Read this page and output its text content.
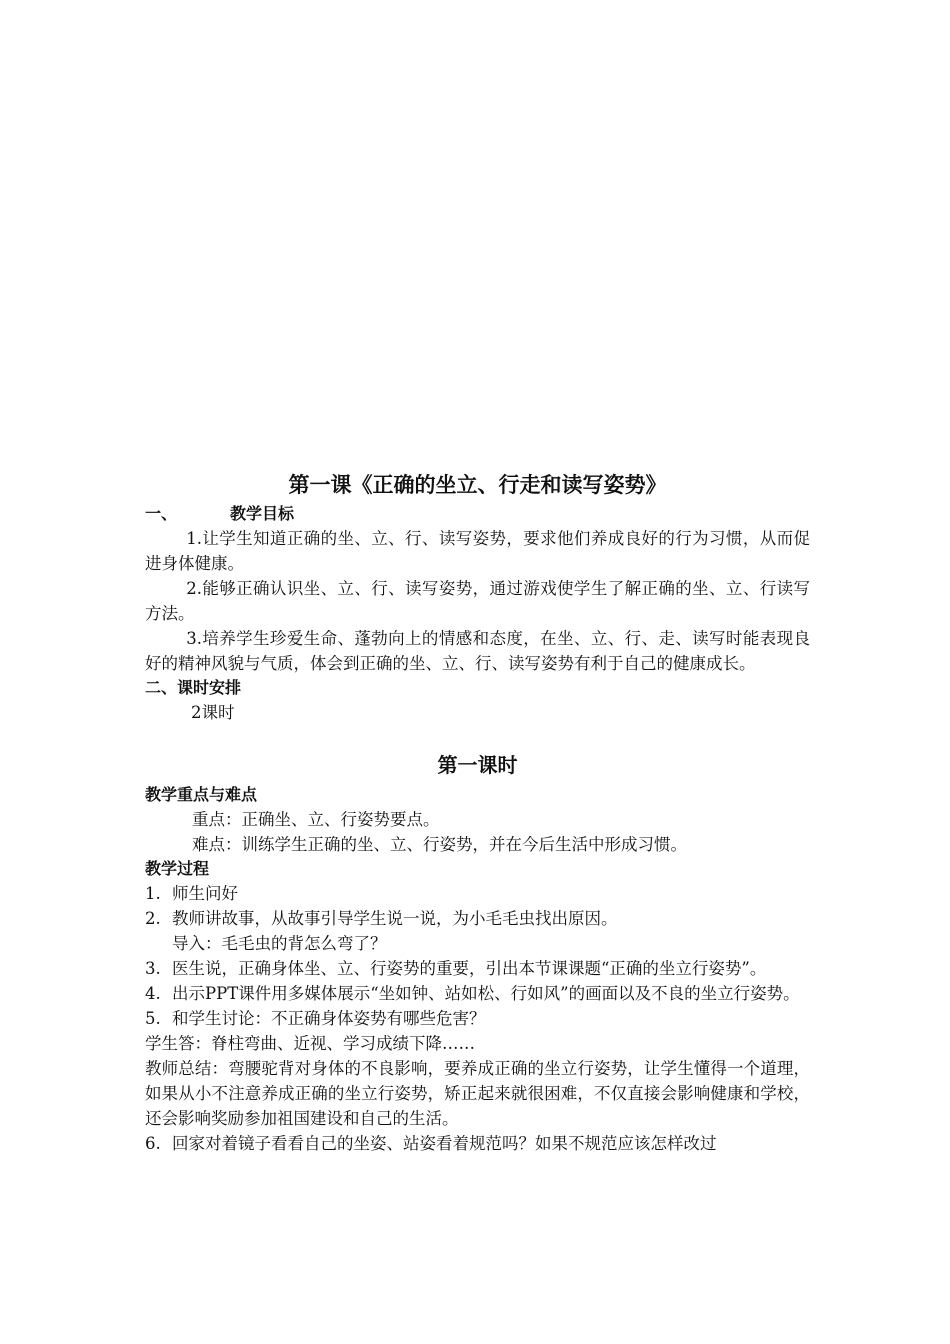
第一课《正确的坐立、行走和读写姿势》
一、	教学目标

1.让学生知道正确的坐、立、行、读写姿势，要求他们养成良好的行为习惯，从而促进身体健康。

2.能够正确认识坐、立、行、读写姿势，通过游戏使学生了解正确的坐、立、行读写方法。

3.培养学生珍爱生命、蓬勃向上的情感和态度，在坐、立、行、走、读写时能表现良好的精神风貌与气质，体会到正确的坐、立、行、读写姿势有利于自己的健康成长。

二、课时安排

2课时

第一课时
教学重点与难点

重点：正确坐、立、行姿势要点。

难点：训练学生正确的坐、立、行姿势，并在今后生活中形成习惯。

教学过程
1. 师生问好
2. 教师讲故事，从故事引导学生说一说，为小毛毛虫找出原因。
导入：毛毛虫的背怎么弯了？
3. 医生说，正确身体坐、立、行姿势的重要，引出本节课课题“正确的坐立行姿势”。
4. 出示PPT课件用多媒体展示“坐如钟、站如松、行如风”的画面以及不良的坐立行姿势。
5. 和学生讨论：不正确身体姿势有哪些危害？

学生答：脊柱弯曲、近视、学习成绩下降……

教师总结：弯腰驼背对身体的不良影响，要养成正确的坐立行姿势，让学生懂得一个道理，如果从小不注意养成正确的坐立行姿势，矫正起来就很困难，不仅直接会影响健康和学校，还会影响奖励参加祖国建设和自己的生活。

6. 回家对着镜子看看自己的坐姿、站姿看着规范吗？如果不规范应该怎样改过
